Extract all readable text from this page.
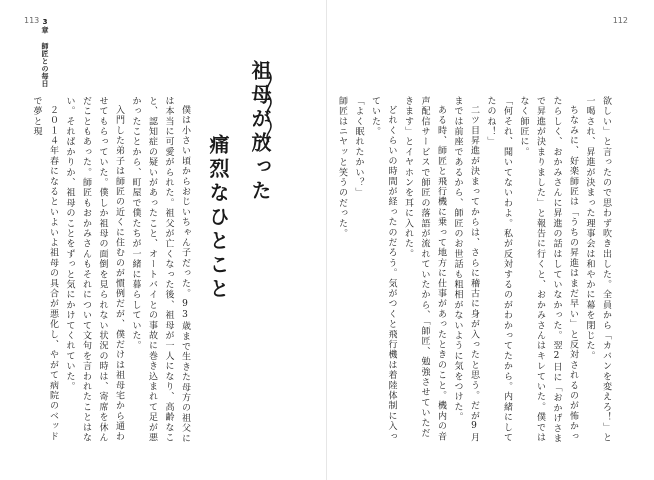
113	112
3章 師匠との毎日
祖母が放った
痛烈なひとこと	欲しい」と言ったので思わず吹き出した。全員から「カバンを変えろ！」と一喝され、昇進が決まった理事会は和やかに幕を閉じた。

ちなみに、好楽師匠は「うちの昇進はまだ早い」と反対されるのが怖かったらしく、おかみさんに昇進の話はしていなかった。翌2日に「おかげさまで昇進が決まりました」と報告に行くと、おかみさんはキレていた。僕ではなく師匠に。

「何それ、聞いてないわよ。私が反対するのがわかってたから。内緒にしてたのね！」

二ツ目昇進が決まってからは、さらに稽古に身が入ったと思う。だが9月までは前座であるから、師匠のお世話も粗相がないように気をつけた。

ある時、師匠と飛行機に乗って地方に仕事があったときのこと。機内の音声配信サービスで師匠の落語が流れていたから、「師匠、勉強させていただきます」とイヤホンを耳に入れた。

どれくらいの時間が経ったのだろう。気がつくと飛行機は着陸体制に入っていた。

「よく眠れたかい？」

師匠はニヤッと笑うのだった。

僕は小さい頃からおじいちゃん子だった。93歳まで生きた母方の祖父には本当に可愛がられた。祖父が亡くなった後、祖母が一人になり、高齢なこと、認知症の疑いがあったこと、オートバイとの事故に巻き込まれて足が悪かったことから、町屋で僕たちが一緒に暮らしていた。

入門した弟子は師匠の近くに住むのが慣例だが、僕だけは祖母宅から通わせてもらっていた。僕しか祖母の面倒を見られない状況の時は、寄席を休んだこともあった。師匠もおかみさんもそれについて文句を言われたことはない。そればかりか、祖母のことをずっと気にかけてくれていた。

２０１４年春になるといよいよ祖母の具合が悪化し、やがて病院のベッドで夢と現
